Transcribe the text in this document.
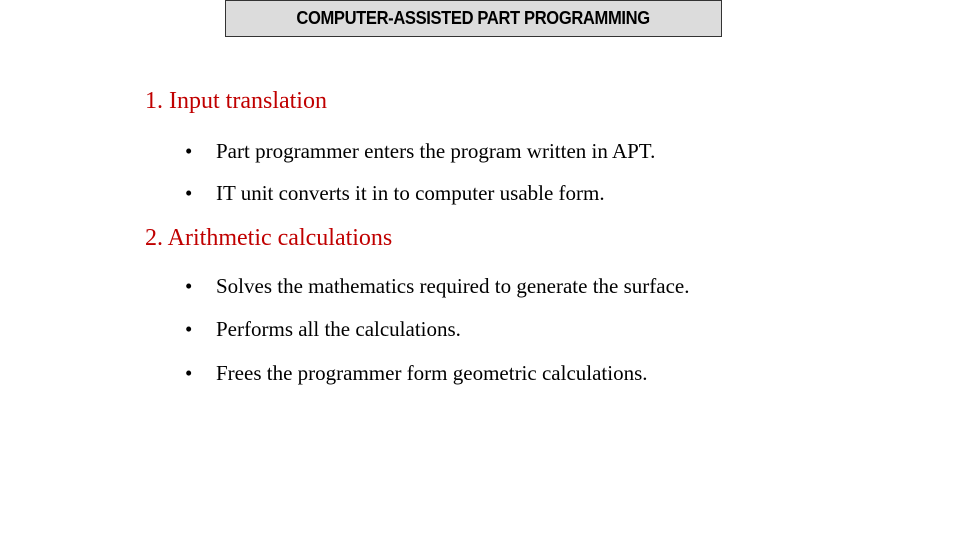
COMPUTER-ASSISTED PART PROGRAMMING
1. Input translation
•	Part programmer enters the program written in APT.
•	IT unit converts it in to computer usable form.
2. Arithmetic calculations
•	Solves the mathematics required to generate the surface.
•	Performs all the calculations.
•	Frees the programmer form geometric calculations.
